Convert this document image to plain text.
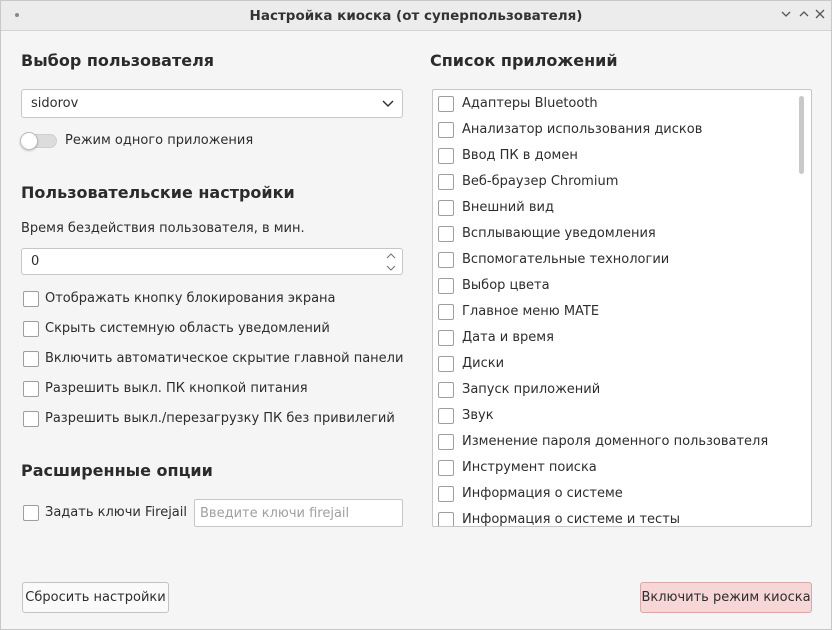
Настройка киоска (от суперпользователя)
Выбор пользователя
sidorov
Режим одного приложения
Пользовательские настройки
Время бездействия пользователя, в мин.
0
Отображать кнопку блокирования экрана
Скрыть системную область уведомлений
Включить автоматическое скрытие главной панели
Разрешить выкл. ПК кнопкой питания
Разрешить выкл./перезагрузку ПК без привилегий
Расширенные опции
Задать ключи Firejail
Введите ключи firejail
Список приложений
Адаптеры Bluetooth
Анализатор использования дисков
Ввод ПК в домен
Веб-браузер Chromium
Внешний вид
Всплывающие уведомления
Вспомогательные технологии
Выбор цвета
Главное меню MATE
Дата и время
Диски
Запуск приложений
Звук
Изменение пароля доменного пользователя
Инструмент поиска
Информация о системе
Информация о системе и тесты
Сбросить настройки	Включить режим киоска
